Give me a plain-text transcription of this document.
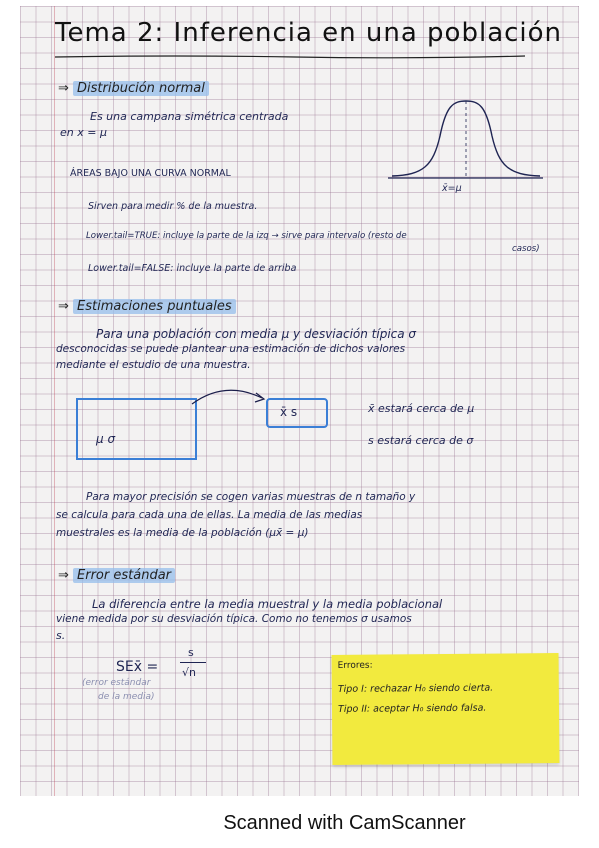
Tema 2: Inferencia en una población
⇒ Distribución normal
Es una campana simétrica centrada
en x = μ
x̄=μ
ÁREAS BAJO UNA CURVA NORMAL
Sirven para medir % de la muestra.
Lower.tail=TRUE: incluye la parte de la izq → sirve para intervalo (resto de
casos)
Lower.tail=FALSE: incluye la parte de arriba
⇒ Estimaciones puntuales
Para una población con media μ y desviación típica σ
desconocidas se puede plantear una estimación de dichos valores
mediante el estudio de una muestra.
μ σ
x̄ s	x̄ estará cerca de μ
s estará cerca de σ
Para mayor precisión se cogen varias muestras de n tamaño y
se calcula para cada una de ellas. La media de las medias
muestrales es la media de la población (μx̄ = μ)
⇒ Error estándar
La diferencia entre la media muestral y la media poblacional
viene medida por su desviación típica. Como no tenemos σ usamos
s.
SEx̄ =
s
√n
(error estándar
de la media)
Errores:
Tipo I: rechazar H₀ siendo cierta.
Tipo II: aceptar H₀ siendo falsa.
Scanned with CamScanner
